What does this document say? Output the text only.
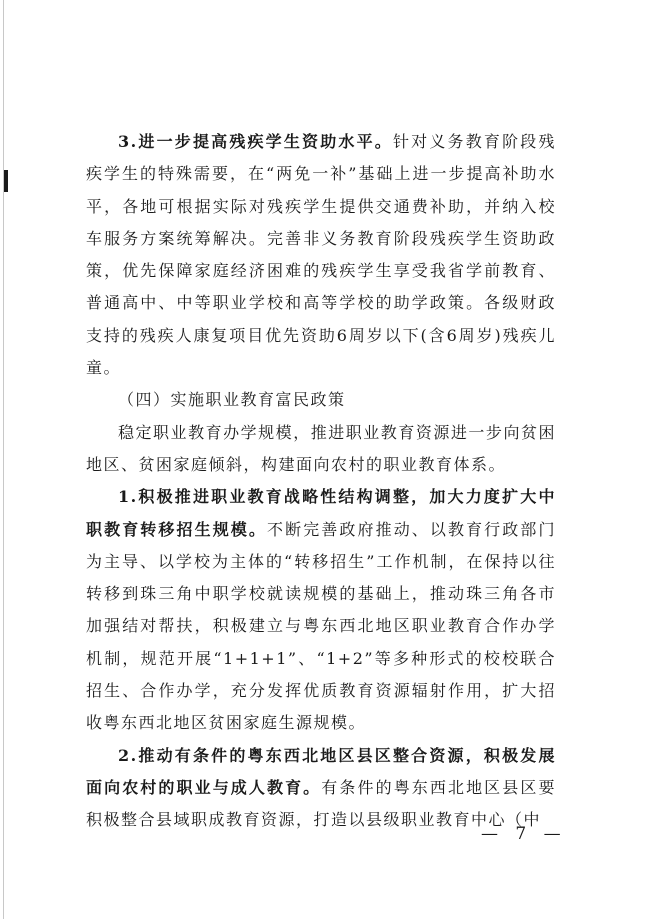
3.进一步提高残疾学生资助水平。针对义务教育阶段残疾学生的特殊需要，在“两免一补”基础上进一步提高补助水平，各地可根据实际对残疾学生提供交通费补助，并纳入校车服务方案统筹解决。完善非义务教育阶段残疾学生资助政策，优先保障家庭经济困难的残疾学生享受我省学前教育、普通高中、中等职业学校和高等学校的助学政策。各级财政支持的残疾人康复项目优先资助6周岁以下(含6周岁)残疾儿童。

（四）实施职业教育富民政策

稳定职业教育办学规模，推进职业教育资源进一步向贫困地区、贫困家庭倾斜，构建面向农村的职业教育体系。

1.积极推进职业教育战略性结构调整，加大力度扩大中职教育转移招生规模。不断完善政府推动、以教育行政部门为主导、以学校为主体的“转移招生”工作机制，在保持以往转移到珠三角中职学校就读规模的基础上，推动珠三角各市加强结对帮扶，积极建立与粤东西北地区职业教育合作办学机制，规范开展“1+1+1”、“1+2”等多种形式的校校联合招生、合作办学，充分发挥优质教育资源辐射作用，扩大招收粤东西北地区贫困家庭生源规模。

2.推动有条件的粤东西北地区县区整合资源，积极发展面向农村的职业与成人教育。有条件的粤东西北地区县区要积极整合县域职成教育资源，打造以县级职业教育中心（中

— 7 —
